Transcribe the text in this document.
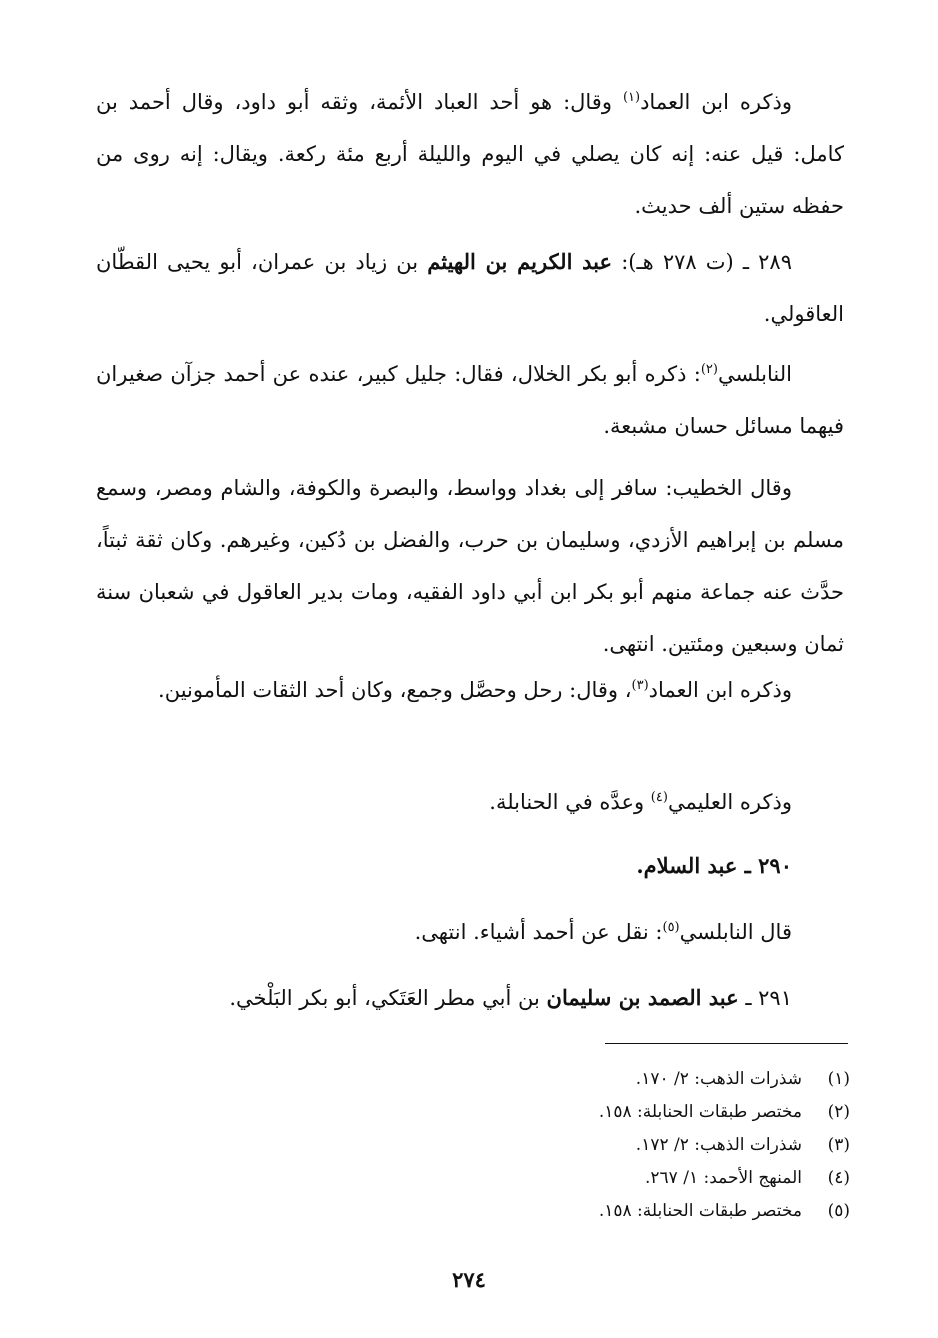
وذكره ابن العماد$^{(١)}$ وقال: هو أحد العباد الأئمة، وثقه أبو داود، وقال أحمد بن كامل: قيل عنه: إنه كان يصلي في اليوم والليلة أربع مئة ركعة. ويقال: إنه روى من حفظه ستين ألف حديث.

٢٨٩ ـ (ت ٢٧٨ هـ): عبد الكريم بن الهيثم بن زياد بن عمران، أبو يحيى القطّان العاقولي.

النابلسي$^{(٢)}$: ذكره أبو بكر الخلال، فقال: جليل كبير، عنده عن أحمد جزآن صغيران فيهما مسائل حسان مشبعة.

وقال الخطيب: سافر إلى بغداد وواسط، والبصرة والكوفة، والشام ومصر، وسمع مسلم بن إبراهيم الأزدي، وسليمان بن حرب، والفضل بن دُكين، وغيرهم. وكان ثقة ثبتاً، حدَّث عنه جماعة منهم أبو بكر ابن أبي داود الفقيه، ومات بدير العاقول في شعبان سنة ثمان وسبعين ومئتين. انتهى.

وذكره ابن العماد$^{(٣)}$، وقال: رحل وحصَّل وجمع، وكان أحد الثقات المأمونين.

وذكره العليمي$^{(٤)}$ وعدَّه في الحنابلة.

٢٩٠ ـ عبد السلام.

قال النابلسي$^{(٥)}$: نقل عن أحمد أشياء. انتهى.

٢٩١ ـ عبد الصمد بن سليمان بن أبي مطر العَتَكي، أبو بكر البَلْخي.

(١)
شذرات الذهب: ٢/ ١٧٠.
(٢)
مختصر طبقات الحنابلة: ١٥٨.
(٣)
شذرات الذهب: ٢/ ١٧٢.
(٤)
المنهج الأحمد: ١/ ٢٦٧.
(٥)
مختصر طبقات الحنابلة: ١٥٨.
٢٧٤
